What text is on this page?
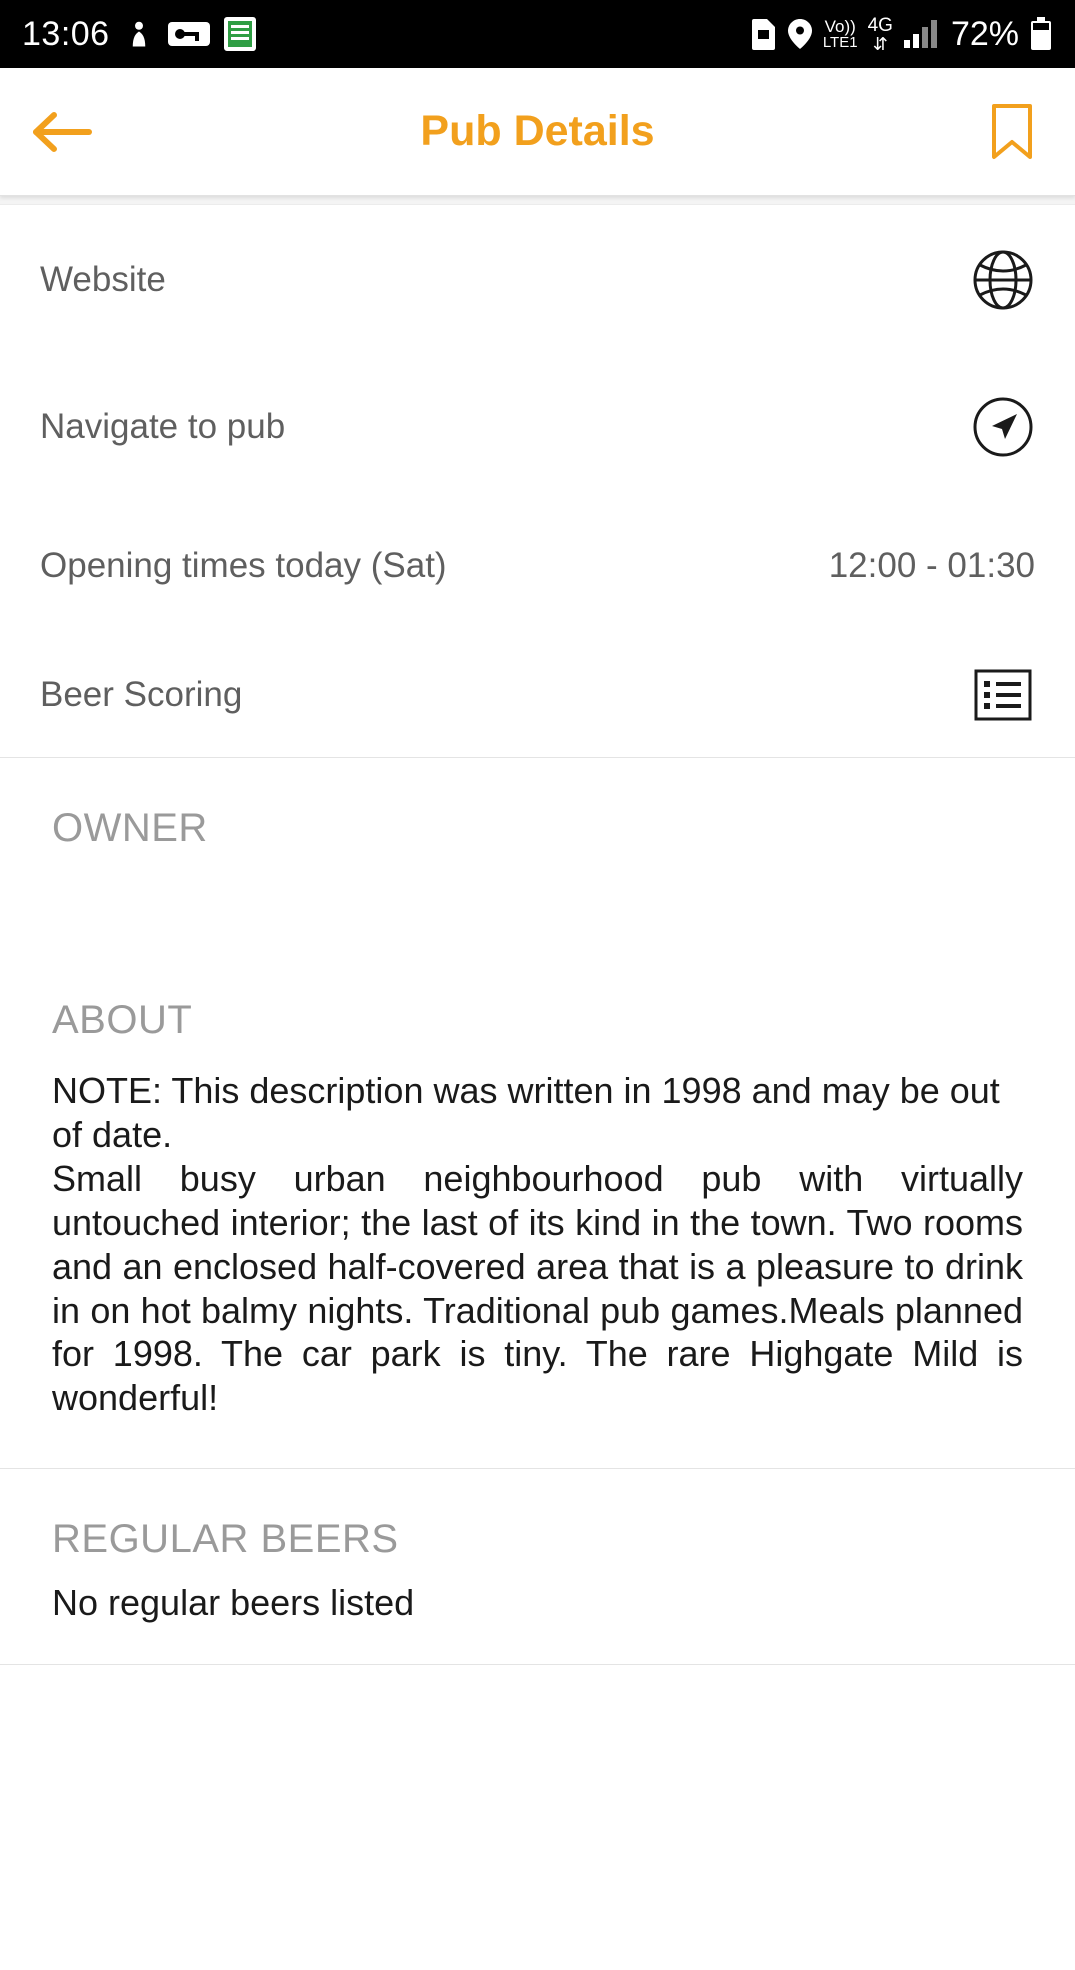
13:06	Vo))
LTE1
4G
⇵ 72%
Pub Details
Website
Navigate to pub
Opening times today (Sat)	12:00 - 01:30
Beer Scoring
OWNER
ABOUT
NOTE: This description was written in 1998 and may be out of date.
Small busy urban neighbourhood pub with virtually untouched interior; the last of its kind in the town. Two rooms and an enclosed half-covered area that is a pleasure to drink in on hot balmy nights. Traditional pub games.Meals planned for 1998. The car park is tiny. The rare Highgate Mild is wonderful!
REGULAR BEERS
No regular beers listed
